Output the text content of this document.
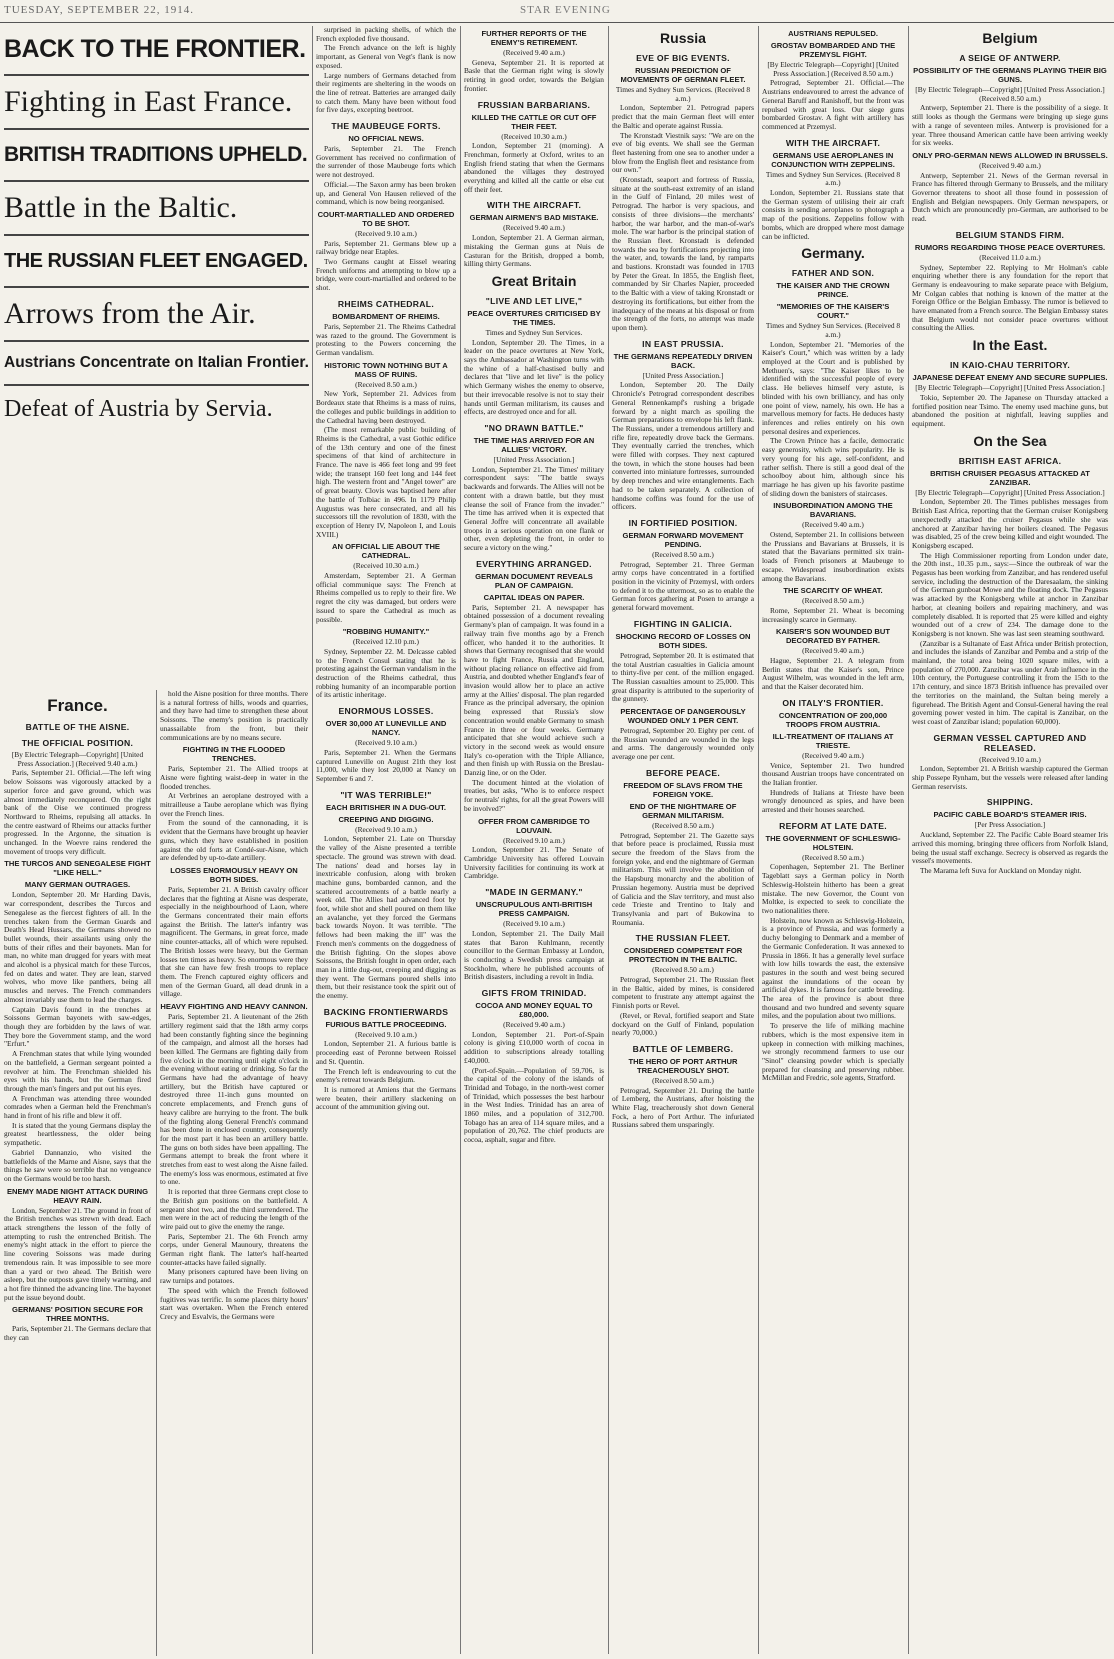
TUESDAY, SEPTEMBER 22, 1914.	STAR EVENING
BACK TO THE FRONTIER.
Fighting in East France.
BRITISH TRADITIONS UPHELD.
Battle in the Baltic.
THE RUSSIAN FLEET ENGAGED.
Arrows from the Air.
Austrians Concentrate on Italian Frontier.
Defeat of Austria by Servia.
France.
BATTLE OF THE AISNE.
THE OFFICIAL POSITION.

[By Electric Telegraph—Copyright] [United Press Association.] (Received 9.40 a.m.)

Paris, September 21. Official.—The left wing below Soissons was vigorously attacked by a superior force and gave ground, which was almost immediately reconquered. On the right bank of the Oise we continued progress Northward to Rheims, repulsing all attacks. In the centre eastward of Rheims our attacks further progressed. In the Argonne, the situation is unchanged. In the Woevre rains rendered the movement of troops very difficult.

THE TURCOS AND SENEGALESE FIGHT "LIKE HELL."
MANY GERMAN OUTRAGES.

London, September 20. Mr Harding Davis, war correspondent, describes the Turcos and Senegalese as the fiercest fighters of all. In the trenches taken from the German Guards and Death's Head Hussars, the Germans showed no bullet wounds, their assailants using only the butts of their rifles and their bayonets. Man for man, no white man drugged for years with meat and alcohol is a physical match for these Turcos, fed on dates and water. They are lean, starved wolves, who move like panthers, being all muscles and nerves. The French commanders almost invariably use them to lead the charges.

Captain Davis found in the trenches at Soissons German bayonets with saw-edges, though they are forbidden by the laws of war. They bore the Government stamp, and the word "Erfurt."

A Frenchman states that while lying wounded on the battlefield, a German sergeant pointed a revolver at him. The Frenchman shielded his eyes with his hands, but the German fired through the man's fingers and put out his eyes.

A Frenchman was attending three wounded comrades when a German held the Frenchman's hand in front of his rifle and blew it off.

It is stated that the young Germans display the greatest heartlessness, the older being sympathetic.

Gabriel Dannanzio, who visited the battlefields of the Marne and Aisne, says that the things he saw were so terrible that no vengeance on the Germans would be too harsh.

ENEMY MADE NIGHT ATTACK DURING HEAVY RAIN.

London, September 21. The ground in front of the British trenches was strewn with dead. Each attack strengthens the lesson of the folly of attempting to rush the entrenched British. The enemy's night attack in the effort to pierce the line covering Soissons was made during tremendous rain. It was impossible to see more than a yard or two ahead. The British were asleep, but the outposts gave timely warning, and a hot fire thinned the advancing line. The bayonet put the issue beyond doubt.

GERMANS' POSITION SECURE FOR THREE MONTHS.

Paris, September 21. The Germans declare that they can

hold the Aisne position for three months. There is a natural fortress of hills, woods and quarries, and they have had time to strengthen these about Soissons. The enemy's position is practically unassailable from the front, but their communications are by no means secure.

FIGHTING IN THE FLOODED TRENCHES.

Paris, September 21. The Allied troops at Aisne were fighting waist-deep in water in the flooded trenches.

At Verbrines an aeroplane destroyed with a mitrailleuse a Taube aeroplane which was flying over the French lines.

From the sound of the cannonading, it is evident that the Germans have brought up heavier guns, which they have established in position against the old forts at Condé-sur-Aisne, which are defended by up-to-date artillery.

LOSSES ENORMOUSLY HEAVY ON BOTH SIDES.

Paris, September 21. A British cavalry officer declares that the fighting at Aisne was desperate, especially in the neighbourhood of Laon, where the Germans concentrated their main efforts against the British. The latter's infantry was magnificent. The Germans, in great force, made nine counter-attacks, all of which were repulsed. The British losses were heavy, but the German losses ten times as heavy. So enormous were they that she can have few fresh troops to replace them. The French captured eighty officers and men of the German Guard, all dead drunk in a village.

HEAVY FIGHTING AND HEAVY CANNON.

Paris, September 21. A lieutenant of the 26th artillery regiment said that the 18th army corps had been constantly fighting since the beginning of the campaign, and almost all the horses had been killed. The Germans are fighting daily from five o'clock in the morning until eight o'clock in the evening without eating or drinking. So far the Germans have had the advantage of heavy artillery, but the British have captured or destroyed three 11-inch guns mounted on concrete emplacements, and French guns of heavy calibre are hurrying to the front. The bulk of the fighting along General French's command has been done in enclosed country, consequently for the most part it has been an artillery battle. The guns on both sides have been appalling. The Germans attempt to break the front where it stretches from east to west along the Aisne failed. The enemy's loss was enormous, estimated at five to one.

It is reported that three Germans crept close to the British gun positions on the battlefield. A sergeant shot two, and the third surrendered. The men were in the act of reducing the length of the wire paid out to give the enemy the range.

Paris, September 21. The 6th French army corps, under General Maunoury, threatens the German right flank. The latter's half-hearted counter-attacks have failed signally.

Many prisoners captured have been living on raw turnips and potatoes.

The speed with which the French followed fugitives was terrific. In some places thirty hours' start was overtaken. When the French entered Crecy and Esvalvis, the Germans were

surprised in packing shells, of which the French exploded five thousand.

The French advance on the left is highly important, as General von Vegt's flank is now exposed.

Large numbers of Germans detached from their regiments are sheltering in the woods on the line of retreat. Batteries are arranged daily to catch them. Many have been without food for five days, excepting beetroot.

THE MAUBEUGE FORTS.
NO OFFICIAL NEWS.

Paris, September 21. The French Government has received no confirmation of the surrender of those Maubeuge forts which were not destroyed.

Official.—The Saxon army has been broken up, and General Von Hausen relieved of the command, which is now being reorganised.

COURT-MARTIALLED AND ORDERED TO BE SHOT.

(Received 9.10 a.m.)

Paris, September 21. Germans blew up a railway bridge near Etaples.

Two Germans caught at Eissel wearing French uniforms and attempting to blow up a bridge, were court-martialled and ordered to be shot.

RHEIMS CATHEDRAL.
BOMBARDMENT OF RHEIMS.

Paris, September 21. The Rheims Cathedral was razed to the ground. The Government is protesting to the Powers concerning the German vandalism.

HISTORIC TOWN NOTHING BUT A MASS OF RUINS.

(Received 8.50 a.m.)

New York, September 21. Advices from Bordeaux state that Rheims is a mass of ruins, the colleges and public buildings in addition to the Cathedral having been destroyed.

(The most remarkable public building of Rheims is the Cathedral, a vast Gothic edifice of the 13th century and one of the finest specimens of that kind of architecture in France. The nave is 466 feet long and 99 feet wide; the transept 160 feet long and 144 feet high. The western front and "Angel tower" are of great beauty. Clovis was baptised here after the battle of Tolbiac in 496. In 1179 Philip Augustus was here consecrated, and all his successors till the revolution of 1830, with the exception of Henry IV, Napoleon I, and Louis XVIII.)

AN OFFICIAL LIE ABOUT THE CATHEDRAL.

(Received 10.30 a.m.)

Amsterdam, September 21. A German official communique says: The French at Rheims compelled us to reply to their fire. We regret the city was damaged, but orders were issued to spare the Cathedral as much as possible.

"ROBBING HUMANITY."

(Received 12.10 p.m.)

Sydney, September 22. M. Delcasse cabled to the French Consul stating that he is protesting against the German vandalism in the destruction of the Rheims cathedral, thus robbing humanity of an incomparable portion of its artistic inheritage.

ENORMOUS LOSSES.
OVER 30,000 AT LUNEVILLE AND NANCY.

(Received 9.10 a.m.)

Paris, September 21. When the Germans captured Luneville on August 21th they lost 11,000, while they lost 20,000 at Nancy on September 6 and 7.

"IT WAS TERRIBLE!"
EACH BRITISHER IN A DUG-OUT.
CREEPING AND DIGGING.

(Received 9.10 a.m.)

London, September 21. Late on Thursday the valley of the Aisne presented a terrible spectacle. The ground was strewn with dead. The nations' dead and horses lay in inextricable confusion, along with broken machine guns, bombarded cannon, and the scattered accoutrements of a battle nearly a week old. The Allies had advanced foot by foot, while shot and shell poured on them like an avalanche, yet they forced the Germans back towards Noyon. It was terrible. "The fellows had been making the ill" was the French men's comments on the doggedness of the British fighting. On the slopes above Soissons, the British fought in open order, each man in a little dug-out, creeping and digging as they went. The Germans poured shells into them, but their resistance took the spirit out of the enemy.

BACKING FRONTIERWARDS
FURIOUS BATTLE PROCEEDING.

(Received 9.10 a.m.)

London, September 21. A furious battle is proceeding east of Peronne between Roissel and St. Quentin.

The French left is endeavouring to cut the enemy's retreat towards Belgium.

It is rumored at Amiens that the Germans were beaten, their artillery slackening on account of the ammunition giving out.

FURTHER REPORTS OF THE ENEMY'S RETIREMENT.

(Received 9.40 a.m.)

Geneva, September 21. It is reported at Basle that the German right wing is slowly retiring in good order, towards the Belgian frontier.

FRUSSIAN BARBARIANS.
KILLED THE CATTLE OR CUT OFF THEIR FEET.

(Received 10.30 a.m.)

London, September 21 (morning). A Frenchman, formerly at Oxford, writes to an English friend stating that when the Germans abandoned the villages they destroyed everything and killed all the cattle or else cut off their feet.

WITH THE AIRCRAFT.
GERMAN AIRMEN'S BAD MISTAKE.

(Received 9.40 a.m.)

London, September 21. A German airman, mistaking the German guns at Nuis de Casturan for the British, dropped a bomb, killing thirty Germans.

Great Britain
"LIVE AND LET LIVE,"
PEACE OVERTURES CRITICISED BY THE TIMES.

Times and Sydney Sun Services.

London, September 20. The Times, in a leader on the peace overtures at New York, says the Ambassador at Washington turns with the whine of a half-chastised bully and declares that "live and let live" is the policy which Germany wishes the enemy to observe, but their irrevocable resolve is not to stay their hands until German militarism, its causes and effects, are destroyed once and for all.

"NO DRAWN BATTLE."
THE TIME HAS ARRIVED FOR AN ALLIES' VICTORY.

[United Press Association.]

London, September 21. The Times' military correspondent says: "The battle sways backwards and forwards. The Allies will not be content with a drawn battle, but they must cleanse the soil of France from the invader." The time has arrived when it is expected that General Joffre will concentrate all available troops in a serious operation on one flank or other, even depleting the front, in order to secure a victory on the wing."

EVERYTHING ARRANGED.
GERMAN DOCUMENT REVEALS PLAN OF CAMPAIGN.
CAPITAL IDEAS ON PAPER.

Paris, September 21. A newspaper has obtained possession of a document revealing Germany's plan of campaign. It was found in a railway train five months ago by a French officer, who handed it to the authorities. It shows that Germany recognised that she would have to fight France, Russia and England, without placing reliance on effective aid from Austria, and doubted whether England's fear of invasion would allow her to place an active army at the Allies' disposal. The plan regarded France as the principal adversary, the opinion being expressed that Russia's slow concentration would enable Germany to smash France in three or four weeks. Germany anticipated that she would achieve such a victory in the second week as would ensure Italy's co-operation with the Triple Alliance, and then finish up with Russia on the Breslau-Danzig line, or on the Oder.

The document hinted at the violation of treaties, but asks, "Who is to enforce respect for neutrals' rights, for all the great Powers will be involved?"

OFFER FROM CAMBRIDGE TO LOUVAIN.

(Received 9.10 a.m.)

London, September 21. The Senate of Cambridge University has offered Louvain University facilities for continuing its work at Cambridge.

"MADE IN GERMANY."
UNSCRUPULOUS ANTI-BRITISH PRESS CAMPAIGN.

(Received 9.10 a.m.)

London, September 21. The Daily Mail states that Baron Kuhlmann, recently councillor to the German Embassy at London, is conducting a Swedish press campaign at Stockholm, where he published accounts of British disasters, including a revolt in India.

GIFTS FROM TRINIDAD.
COCOA AND MONEY EQUAL TO £80,000.

(Received 9.40 a.m.)

London, September 21. Port-of-Spain colony is giving £10,000 worth of cocoa in addition to subscriptions already totalling £40,000.

(Port-of-Spain.—Population of 59,706, is the capital of the colony of the islands of Trinidad and Tobago, in the north-west corner of Trinidad, which possesses the best harbour in the West Indies. Trinidad has an area of 1860 miles, and a population of 312,700. Tobago has an area of 114 square miles, and a population of 20,762. The chief products are cocoa, asphalt, sugar and fibre.

Russia
EVE OF BIG EVENTS.
RUSSIAN PREDICTION OF MOVEMENTS OF GERMAN FLEET.

Times and Sydney Sun Services. (Received 8 a.m.)

London, September 21. Petrograd papers predict that the main German fleet will enter the Baltic and operate against Russia.

The Kronstadt Viestnik says: "We are on the eve of big events. We shall see the German fleet hastening from one sea to another under a blow from the English fleet and resistance from our own."

(Kronstadt, seaport and fortress of Russia, situate at the south-east extremity of an island in the Gulf of Finland, 20 miles west of Petrograd. The harbor is very spacious, and consists of three divisions—the merchants' harbor, the war harbor, and the man-of-war's mole. The war harbor is the principal station of the Russian fleet. Kronstadt is defended towards the sea by fortifications projecting into the water, and, towards the land, by ramparts and bastions. Kronstadt was founded in 1703 by Peter the Great. In 1855, the English fleet, commanded by Sir Charles Napier, proceeded to the Baltic with a view of taking Kronstadt or destroying its fortifications, but either from the inadequacy of the means at his disposal or from the strength of the forts, no attempt was made upon them).

IN EAST PRUSSIA.
THE GERMANS REPEATEDLY DRIVEN BACK.

[United Press Association.]

London, September 20. The Daily Chronicle's Petrograd correspondent describes General Rennenkampf's rushing a brigade forward by a night march as spoiling the German preparations to envelope his left flank. The Russians, under a tremendous artillery and rifle fire, repeatedly drove back the Germans. They eventually carried the trenches, which were filled with corpses. They next captured the town, in which the stone houses had been converted into miniature fortresses, surrounded by deep trenches and wire entanglements. Each had to be taken separately. A collection of handsome coffins was found for the use of officers.

IN FORTIFIED POSITION.
GERMAN FORWARD MOVEMENT PENDING.

(Received 8.50 a.m.)

Petrograd, September 21. Three German army corps have concentrated in a fortified position in the vicinity of Przemysl, with orders to defend it to the uttermost, so as to enable the German forces gathering at Posen to arrange a general forward movement.

FIGHTING IN GALICIA.
SHOCKING RECORD OF LOSSES ON BOTH SIDES.

Petrograd, September 20. It is estimated that the total Austrian casualties in Galicia amount to thirty-five per cent. of the million engaged. The Russian casualties amount to 25,000. This great disparity is attributed to the superiority of the gunnery.

PERCENTAGE OF DANGEROUSLY WOUNDED ONLY 1 PER CENT.

Petrograd, September 20. Eighty per cent. of the Russian wounded are wounded in the legs and arms. The dangerously wounded only average one per cent.

BEFORE PEACE.
FREEDOM OF SLAVS FROM THE FOREIGN YOKE.
END OF THE NIGHTMARE OF GERMAN MILITARISM.

(Received 8.50 a.m.)

Petrograd, September 21. The Gazette says that before peace is proclaimed, Russia must secure the freedom of the Slavs from the foreign yoke, and end the nightmare of German militarism. This will involve the abolition of the Hapsburg monarchy and the abolition of Prussian hegemony. Austria must be deprived of Galicia and the Slav territory, and must also cede Trieste and Trentino to Italy and Transylvania and part of Bukowina to Roumania.

THE RUSSIAN FLEET.
CONSIDERED COMPETENT FOR PROTECTION IN THE BALTIC.

(Received 8.50 a.m.)

Petrograd, September 21. The Russian fleet in the Baltic, aided by mines, is considered competent to frustrate any attempt against the Finnish ports or Revel.

(Revel, or Reval, fortified seaport and State dockyard on the Gulf of Finland, population nearly 70,000.)

BATTLE OF LEMBERG.
THE HERO OF PORT ARTHUR TREACHEROUSLY SHOT.

(Received 8.50 a.m.)

Petrograd, September 21. During the battle of Lemberg, the Austrians, after hoisting the White Flag, treacherously shot down General Fock, a hero of Port Arthur. The infuriated Russians sabred them unsparingly.

AUSTRIANS REPULSED.
GROSTAV BOMBARDED AND THE PRZEMYSL FIGHT.

[By Electric Telegraph—Copyright] [United Press Association.] (Received 8.50 a.m.)

Petrograd, September 21. Official.—The Austrians endeavoured to arrest the advance of General Baruff and Ranishoff, but the front was repulsed with great loss. Our siege guns bombarded Grostav. A fight with artillery has commenced at Przemysl.

WITH THE AIRCRAFT.
GERMANS USE AEROPLANES IN CONJUNCTION WITH ZEPPELINS.

Times and Sydney Sun Services. (Received 8 a.m.)

London, September 21. Russians state that the German system of utilising their air craft consists in sending aeroplanes to photograph a map of the positions. Zeppelins follow with bombs, which are dropped where most damage can be inflicted.

Germany.
FATHER AND SON.
THE KAISER AND THE CROWN PRINCE.
"MEMORIES OF THE KAISER'S COURT."

Times and Sydney Sun Services. (Received 8 a.m.)

London, September 21. "Memories of the Kaiser's Court," which was written by a lady employed at the Court and is published by Methuen's, says: "The Kaiser likes to be identified with the successful people of every class. He believes himself very astute, is blinded with his own brilliancy, and has only one point of view, namely, his own. He has a marvellous memory for facts. He deduces hasty inferences and relies entirely on his own personal desires and experiences.

The Crown Prince has a facile, democratic easy generosity, which wins popularity. He is very young for his age, self-confident, and rather selfish. There is still a good deal of the schoolboy about him, although since his marriage he has given up his favorite pastime of sliding down the banisters of staircases.

INSUBORDINATION AMONG THE BAVARIANS.

(Received 9.40 a.m.)

Ostend, September 21. In collisions between the Prussians and Bavarians at Brussels, it is stated that the Bavarians permitted six train-loads of French prisoners at Maubeuge to escape. Widespread insubordination exists among the Bavarians.

THE SCARCITY OF WHEAT.

(Received 8.50 a.m.)

Rome, September 21. Wheat is becoming increasingly scarce in Germany.

KAISER'S SON WOUNDED BUT DECORATED BY FATHER.

(Received 9.40 a.m.)

Hague, September 21. A telegram from Berlin states that the Kaiser's son, Prince August Wilhelm, was wounded in the left arm, and that the Kaiser decorated him.

ON ITALY'S FRONTIER.
CONCENTRATION OF 200,000 TROOPS FROM AUSTRIA.
ILL-TREATMENT OF ITALIANS AT TRIESTE.

(Received 9.40 a.m.)

Venice, September 21. Two hundred thousand Austrian troops have concentrated on the Italian frontier.

Hundreds of Italians at Trieste have been wrongly denounced as spies, and have been arrested and their houses searched.

REFORM AT LATE DATE.
THE GOVERNMENT OF SCHLESWIG-HOLSTEIN.

(Received 8.50 a.m.)

Copenhagen, September 21. The Berliner Tageblatt says a German policy in North Schleswig-Holstein hitherto has been a great mistake. The new Governor, the Count von Moltke, is expected to seek to conciliate the two nationalities there.

Holstein, now known as Schleswig-Holstein, is a province of Prussia, and was formerly a duchy belonging to Denmark and a member of the Germanic Confederation. It was annexed to Prussia in 1866. It has a generally level surface with low hills towards the east, the extensive pastures in the south and west being secured against the inundations of the ocean by artificial dykes. It is famous for cattle breeding. The area of the province is about three thousand and two hundred and seventy square miles, and the population about two millions.

To preserve the life of milking machine rubbers, which is the most expensive item in upkeep in connection with milking machines, we strongly recommend farmers to use our "Sinol" cleansing powder which is specially prepared for cleansing and preserving rubber. McMillan and Fredric, sole agents, Stratford.

Belgium
A SEIGE OF ANTWERP.
POSSIBILITY OF THE GERMANS PLAYING THEIR BIG GUNS.

[By Electric Telegraph—Copyright] [United Press Association.] (Received 8.50 a.m.)

Antwerp, September 21. There is the possibility of a siege. It still looks as though the Germans were bringing up siege guns with a range of seventeen miles. Antwerp is provisioned for a year. Three thousand American cattle have been arriving weekly for six weeks.

ONLY PRO-GERMAN NEWS ALLOWED IN BRUSSELS.

(Received 9.40 a.m.)

Antwerp, September 21. News of the German reversal in France has filtered through Germany to Brussels, and the military Governor threatens to shoot all those found in possession of English and Belgian newspapers. Only German newspapers, or Dutch which are pronouncedly pro-German, are authorised to be read.

BELGIUM STANDS FIRM.
RUMORS REGARDING THOSE PEACE OVERTURES.

(Received 11.0 a.m.)

Sydney, September 22. Replying to Mr Holman's cable enquiring whether there is any foundation for the report that Germany is endeavouring to make separate peace with Belgium, Mr Colgan cables that nothing is known of the matter at the Foreign Office or the Belgian Embassy. The rumor is believed to have emanated from a French source. The Belgian Embassy states that Belgium would not consider peace overtures without consulting the Allies.

In the East.
IN KAIO-CHAU TERRITORY.
JAPANESE DEFEAT ENEMY AND SECURE SUPPLIES.

[By Electric Telegraph—Copyright] [United Press Association.]

Tokio, September 20. The Japanese on Thursday attacked a fortified position near Tsimo. The enemy used machine guns, but abandoned the position at nightfall, leaving supplies and equipment.

On the Sea
BRITISH EAST AFRICA.
BRITISH CRUISER PEGASUS ATTACKED AT ZANZIBAR.

[By Electric Telegraph—Copyright] [United Press Association.]

London, September 20. The Times publishes messages from British East Africa, reporting that the German cruiser Konigsberg unexpectedly attacked the cruiser Pegasus while she was anchored at Zanzibar having her boilers cleaned. The Pegasus was disabled, 25 of the crew being killed and eight wounded. The Konigsberg escaped.

The High Commissioner reporting from London under date, the 20th inst., 10.35 p.m., says:—Since the outbreak of war the Pegasus has been working from Zanzibar, and has rendered useful service, including the destruction of the Daresaalam, the sinking of the German gunboat Mowe and the floating dock. The Pegasus was attacked by the Konigsberg while at anchor in Zanzibar harbor, at cleaning boilers and repairing machinery, and was completely disabled. It is reported that 25 were killed and eighty wounded out of a crew of 234. The damage done to the Konigsberg is not known. She was last seen steaming southward.

(Zanzibar is a Sultanate of East Africa under British protection, and includes the islands of Zanzibar and Pemba and a strip of the mainland, the total area being 1020 square miles, with a population of 270,000. Zanzibar was under Arab influence in the 10th century, the Portuguese controlling it from the 15th to the 17th century, and since 1873 British influence has prevailed over the territories on the mainland, the Sultan being merely a figurehead. The British Agent and Consul-General having the real governing power vested in him. The capital is Zanzibar, on the west coast of Zanzibar island; population 60,000).

GERMAN VESSEL CAPTURED AND RELEASED.

(Received 9.10 a.m.)

London, September 21. A British warship captured the German ship Possepe Rynham, but the vessels were released after landing German reservists.

SHIPPING.
PACIFIC CABLE BOARD'S STEAMER IRIS.

[Per Press Association.]

Auckland, September 22. The Pacific Cable Board steamer Iris arrived this morning, bringing three officers from Norfolk Island, being the usual staff exchange. Secrecy is observed as regards the vessel's movements.

The Marama left Suva for Auckland on Monday night.
